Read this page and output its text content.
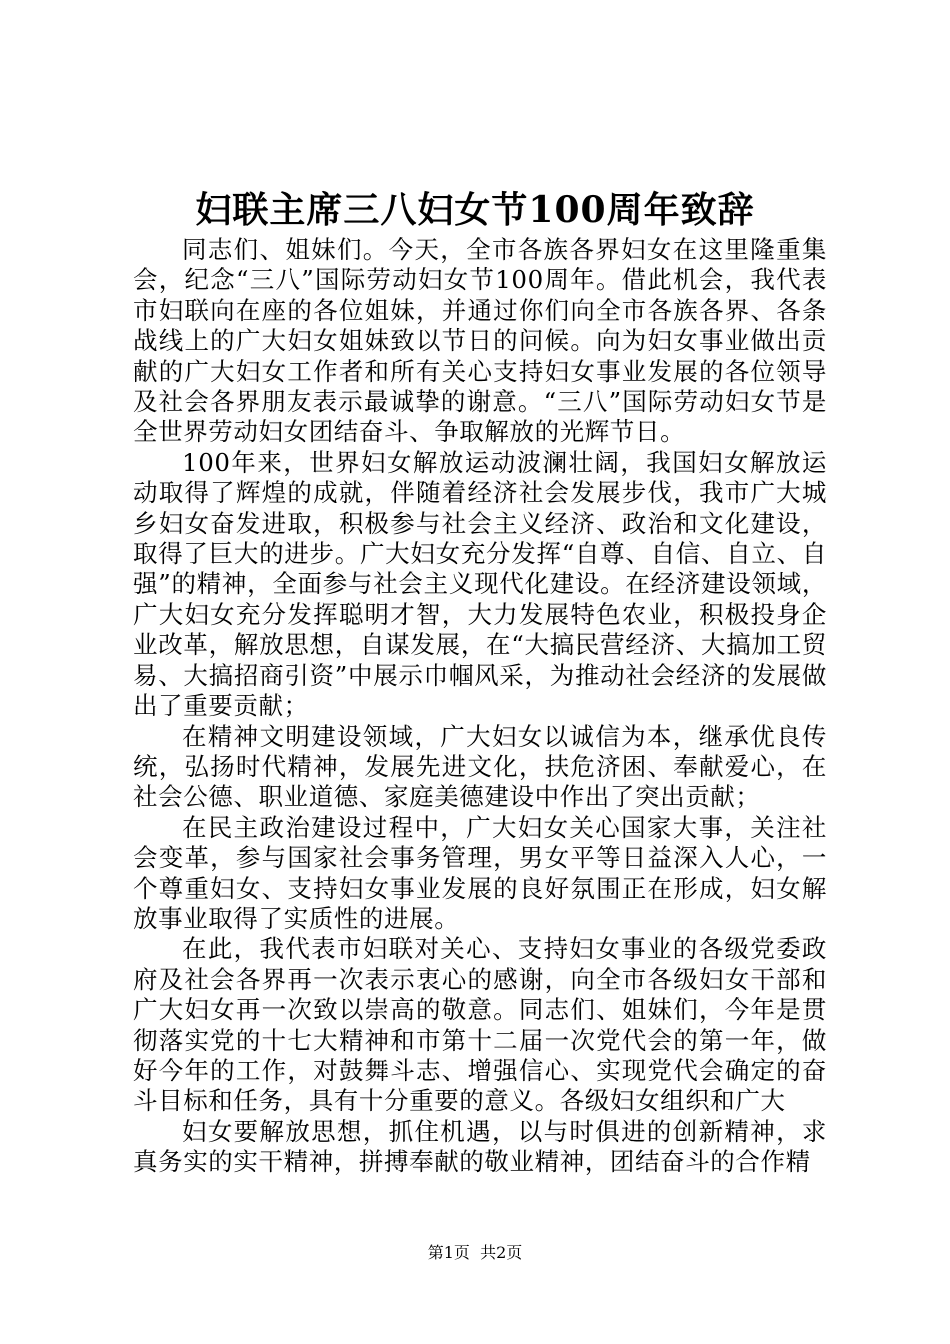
妇联主席三八妇女节100周年致辞

同志们、姐妹们。今天，全市各族各界妇女在这里隆重集会，纪念“三八”国际劳动妇女节100周年。借此机会，我代表市妇联向在座的各位姐妹，并通过你们向全市各族各界、各条战线上的广大妇女姐妹致以节日的问候。向为妇女事业做出贡献的广大妇女工作者和所有关心支持妇女事业发展的各位领导及社会各界朋友表示最诚挚的谢意。“三八”国际劳动妇女节是全世界劳动妇女团结奋斗、争取解放的光辉节日。

100年来，世界妇女解放运动波澜壮阔，我国妇女解放运动取得了辉煌的成就，伴随着经济社会发展步伐，我市广大城乡妇女奋发进取，积极参与社会主义经济、政治和文化建设，取得了巨大的进步。广大妇女充分发挥“自尊、自信、自立、自强”的精神，全面参与社会主义现代化建设。在经济建设领域，广大妇女充分发挥聪明才智，大力发展特色农业，积极投身企业改革，解放思想，自谋发展，在“大搞民营经济、大搞加工贸易、大搞招商引资”中展示巾帼风采，为推动社会经济的发展做出了重要贡献；

在精神文明建设领域，广大妇女以诚信为本，继承优良传统，弘扬时代精神，发展先进文化，扶危济困、奉献爱心，在社会公德、职业道德、家庭美德建设中作出了突出贡献；

在民主政治建设过程中，广大妇女关心国家大事，关注社会变革，参与国家社会事务管理，男女平等日益深入人心，一个尊重妇女、支持妇女事业发展的良好氛围正在形成，妇女解放事业取得了实质性的进展。

在此，我代表市妇联对关心、支持妇女事业的各级党委政府及社会各界再一次表示衷心的感谢，向全市各级妇女干部和广大妇女再一次致以崇高的敬意。同志们、姐妹们，今年是贯彻落实党的十七大精神和市第十二届一次党代会的第一年，做好今年的工作，对鼓舞斗志、增强信心、实现党代会确定的奋斗目标和任务，具有十分重要的意义。各级妇女组织和广大

妇女要解放思想，抓住机遇，以与时俱进的创新精神，求真务实的实干精神，拼搏奉献的敬业精神，团结奋斗的合作精

第1页 共2页
